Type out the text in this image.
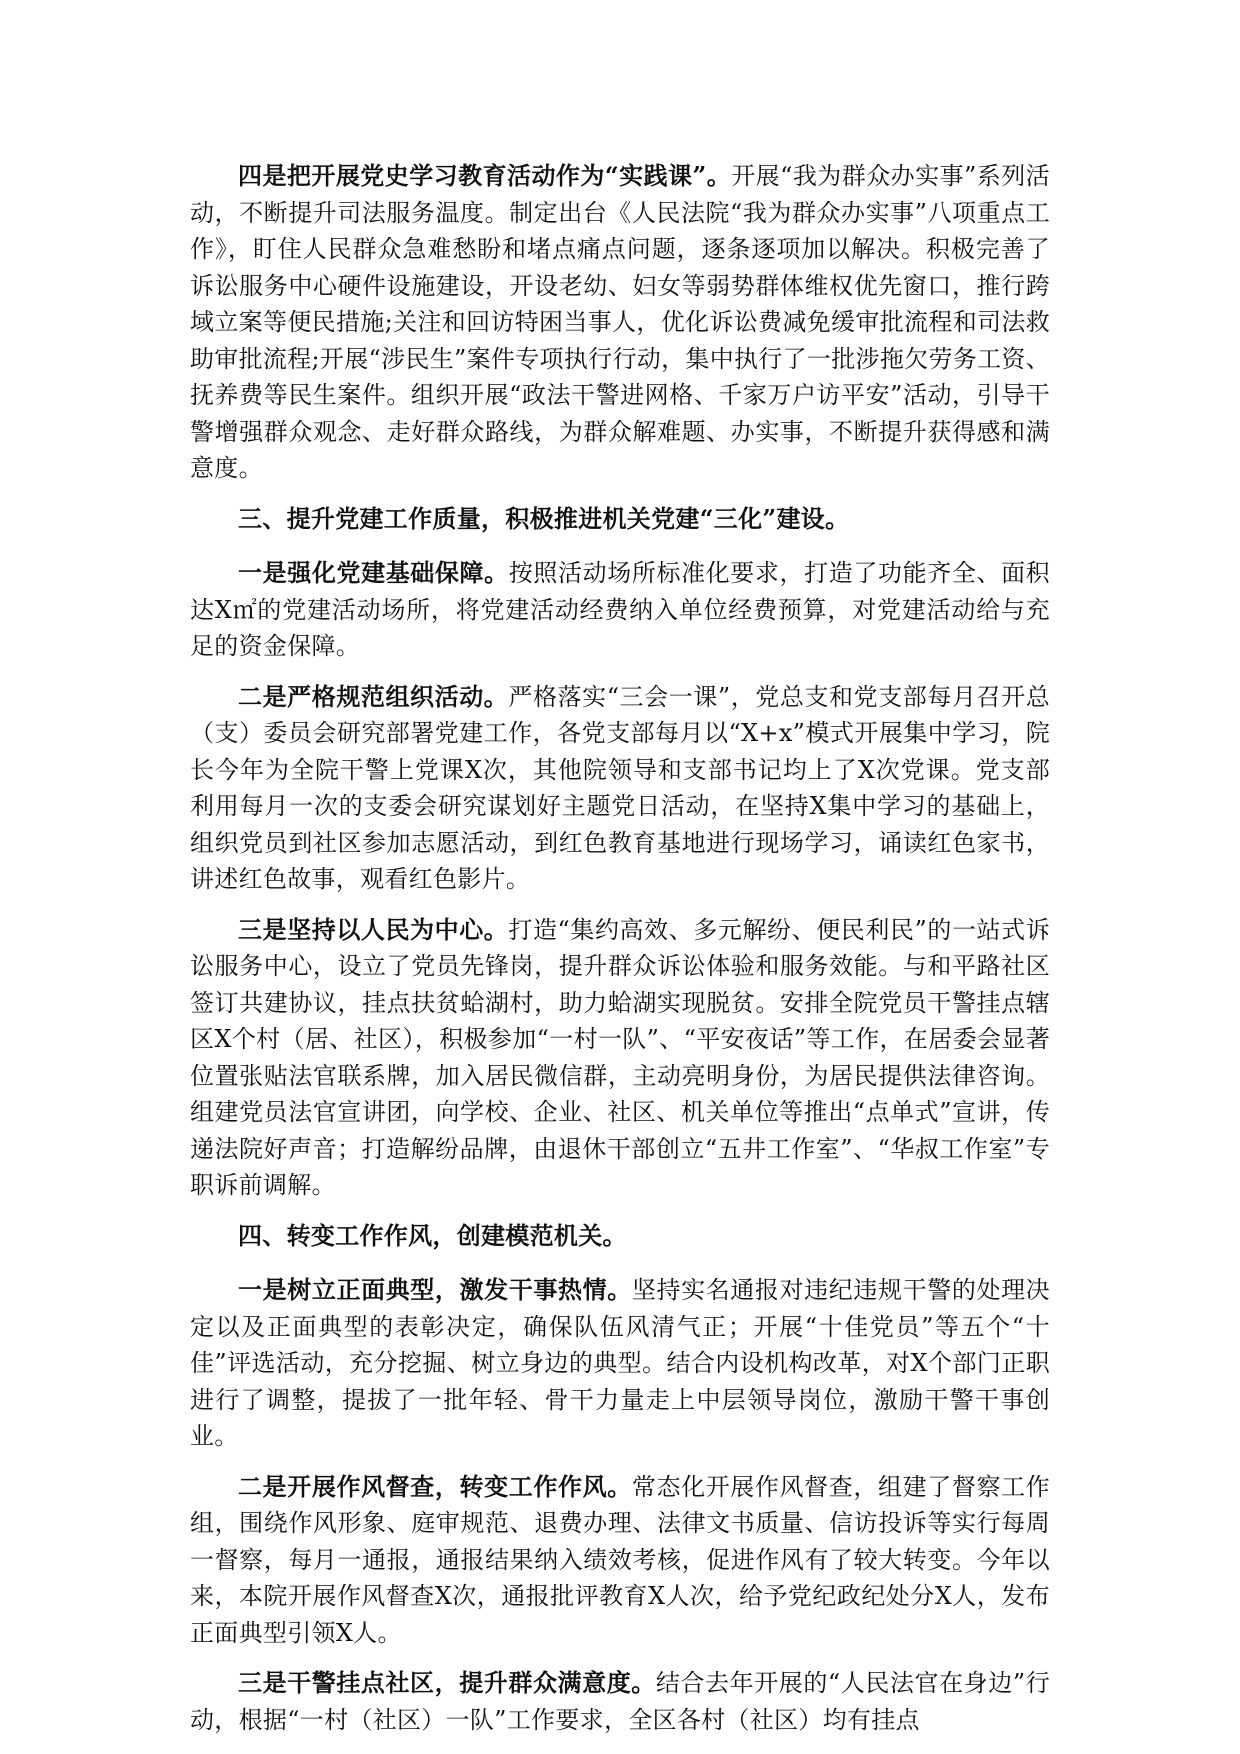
四是把开展党史学习教育活动作为“实践课”。开展“我为群众办实事”系列活动，不断提升司法服务温度。制定出台《人民法院“我为群众办实事”八项重点工作》，盯住人民群众急难愁盼和堵点痛点问题，逐条逐项加以解决。积极完善了诉讼服务中心硬件设施建设，开设老幼、妇女等弱势群体维权优先窗口，推行跨域立案等便民措施;关注和回访特困当事人，优化诉讼费减免缓审批流程和司法救助审批流程;开展“涉民生”案件专项执行行动，集中执行了一批涉拖欠劳务工资、抚养费等民生案件。组织开展“政法干警进网格、千家万户访平安”活动，引导干警增强群众观念、走好群众路线，为群众解难题、办实事，不断提升获得感和满意度。

三、提升党建工作质量，积极推进机关党建“三化”建设。

一是强化党建基础保障。按照活动场所标准化要求，打造了功能齐全、面积达X㎡的党建活动场所，将党建活动经费纳入单位经费预算，对党建活动给与充足的资金保障。

二是严格规范组织活动。严格落实“三会一课”，党总支和党支部每月召开总（支）委员会研究部署党建工作，各党支部每月以“X+x”模式开展集中学习，院长今年为全院干警上党课X次，其他院领导和支部书记均上了X次党课。党支部利用每月一次的支委会研究谋划好主题党日活动，在坚持X集中学习的基础上，组织党员到社区参加志愿活动，到红色教育基地进行现场学习，诵读红色家书，讲述红色故事，观看红色影片。

三是坚持以人民为中心。打造“集约高效、多元解纷、便民利民”的一站式诉讼服务中心，设立了党员先锋岗，提升群众诉讼体验和服务效能。与和平路社区签订共建协议，挂点扶贫蛤湖村，助力蛤湖实现脱贫。安排全院党员干警挂点辖区X个村（居、社区），积极参加“一村一队”、“平安夜话”等工作，在居委会显著位置张贴法官联系牌，加入居民微信群，主动亮明身份，为居民提供法律咨询。组建党员法官宣讲团，向学校、企业、社区、机关单位等推出“点单式”宣讲，传递法院好声音；打造解纷品牌，由退休干部创立“五井工作室”、“华叔工作室”专职诉前调解。

四、转变工作作风，创建模范机关。

一是树立正面典型，激发干事热情。坚持实名通报对违纪违规干警的处理决定以及正面典型的表彰决定，确保队伍风清气正；开展“十佳党员”等五个“十佳”评选活动，充分挖掘、树立身边的典型。结合内设机构改革，对X个部门正职进行了调整，提拔了一批年轻、骨干力量走上中层领导岗位，激励干警干事创业。

二是开展作风督查，转变工作作风。常态化开展作风督查，组建了督察工作组，围绕作风形象、庭审规范、退费办理、法律文书质量、信访投诉等实行每周一督察，每月一通报，通报结果纳入绩效考核，促进作风有了较大转变。今年以来，本院开展作风督查X次，通报批评教育X人次，给予党纪政纪处分X人，发布正面典型引领X人。

三是干警挂点社区，提升群众满意度。结合去年开展的“人民法官在身边”行动，根据“一村（社区）一队”工作要求，全区各村（社区）均有挂点
